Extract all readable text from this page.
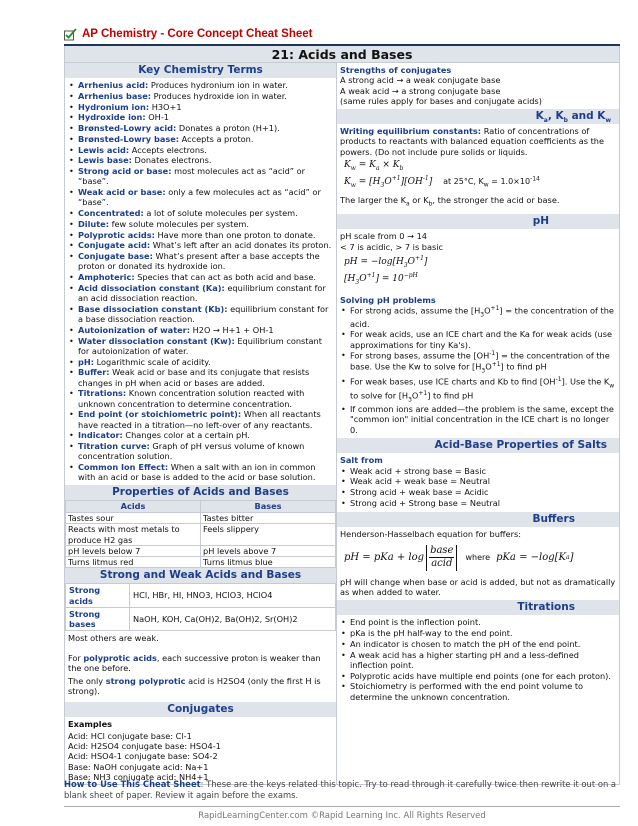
AP Chemistry - Core Concept Cheat Sheet
21: Acids and Bases
Key Chemistry Terms
• Arrhenius acid: Produces hydronium ion in water.
• Arrhenius base: Produces hydroxide ion in water.
• Hydronium ion: H3O+1
• Hydroxide ion: OH-1
• Brønsted-Lowry acid: Donates a proton (H+1).
• Brønsted-Lowry base: Accepts a proton.
• Lewis acid: Accepts electrons.
• Lewis base: Donates electrons.
• Strong acid or base: most molecules act as “acid” or “base”.
• Weak acid or base: only a few molecules act as “acid” or “base”.
• Concentrated: a lot of solute molecules per system.
• Dilute: few solute molecules per system.
• Polyprotic acids: Have more than one proton to donate.
• Conjugate acid: What’s left after an acid donates its proton.
• Conjugate base: What’s present after a base accepts the proton or donated its hydroxide ion.
• Amphoteric: Species that can act as both acid and base.
• Acid dissociation constant (Ka): equilibrium constant for an acid dissociation reaction.
• Base dissociation constant (Kb): equilibrium constant for a base dissociation reaction.
• Autoionization of water: H2O → H+1 + OH-1
• Water dissociation constant (Kw): Equilibrium constant for autoionization of water.
• pH: Logarithmic scale of acidity.
• Buffer: Weak acid or base and its conjugate that resists changes in pH when acid or bases are added.
• Titrations: Known concentration solution reacted with unknown concentration to determine concentration.
• End point (or stoichiometric point): When all reactants have reacted in a titration—no left-over of any reactants.
• Indicator: Changes color at a certain pH.
• Titration curve: Graph of pH versus volume of known concentration solution.
• Common Ion Effect: When a salt with an ion in common with an acid or base is added to the acid or base solution.
Properties of Acids and Bases
Acids	Bases
Tastes sour	Tastes bitter
Reacts with most metals to produce H2 gas	Feels slippery
pH levels below 7	pH levels above 7
Turns litmus red	Turns litmus blue
Strong and Weak Acids and Bases
Strong acids	HCl, HBr, HI, HNO3, HClO3, HClO4
Strong bases	NaOH, KOH, Ca(OH)2, Ba(OH)2, Sr(OH)2
Most others are weak.
For polyprotic acids, each successive proton is weaker than the one before.
The only strong polyprotic acid is H2SO4 (only the first H is strong).
Conjugates
Examples
Acid: HCl conjugate base: Cl-1
Acid: H2SO4 conjugate base: HSO4-1
Acid: HSO4-1 conjugate base: SO4-2
Base: NaOH conjugate acid: Na+1
Base: NH3 conjugate acid: NH4+1
Strengths of conjugates
A strong acid → a weak conjugate base
A weak acid → a strong conjugate base
(same rules apply for bases and conjugate acids)
$K_a$, $K_b$ and $K_w$
Writing equilibrium constants: Ratio of concentrations of products to reactants with balanced equation coefficients as the powers. (Do not include pure solids or liquids.
$K_w = K_a \times K_b$
$K_w = [H_3O^{+1}][OH^{-1}]$ at 25°C, $K_w = 1.0\times 10^{-14}$
The larger the $K_a$ or $K_b$, the stronger the acid or base.
pH
pH scale from 0 → 14
< 7 is acidic, > 7 is basic
pH = $-\log[H_3O^{+1}]$
$[H_3O^{+1}] = 10^{-pH}$
Solving pH problems
• For strong acids, assume the $[H_3O^{+1}]$ = the concentration of the acid.
• For weak acids, use an ICE chart and the Ka for weak acids (use approximations for tiny Ka's).
• For strong bases, assume the $[OH^{-1}]$ = the concentration of the base. Use the Kw to solve for $[H_3O^{+1}]$ to find pH
• For weak bases, use ICE charts and Kb to find $[OH^{-1}]$. Use the $K_w$ to solve for $[H_3O^{+1}]$ to find pH
• If common ions are added—the problem is the same, except the "common ion" initial concentration in the ICE chart is no longer 0.
Acid-Base Properties of Salts
Salt from
• Weak acid + strong base = Basic
• Weak acid + weak base = Neutral
• Strong acid + weak base = Acidic
• Strong acid + Strong base = Neutral
Buffers
Henderson-Hasselbach equation for buffers:
pH = pKa + $\log \frac{\text{base}}{\text{acid}}$ where pKa = −log[K a ]
pH will change when base or acid is added, but not as dramatically as when added to water.
Titrations
• End point is the inflection point.
• pKa is the pH half-way to the end point.
• An indicator is chosen to match the pH of the end point.
• A weak acid has a higher starting pH and a less-defined inflection point.
• Polyprotic acids have multiple end points (one for each proton).
• Stoichiometry is performed with the end point volume to determine the unknown concentration.
How to Use This Cheat Sheet: These are the keys related this topic. Try to read through it carefully twice then rewrite it out on a blank sheet of paper. Review it again before the exams.
RapidLearningCenter.com ©Rapid Learning Inc. All Rights Reserved
